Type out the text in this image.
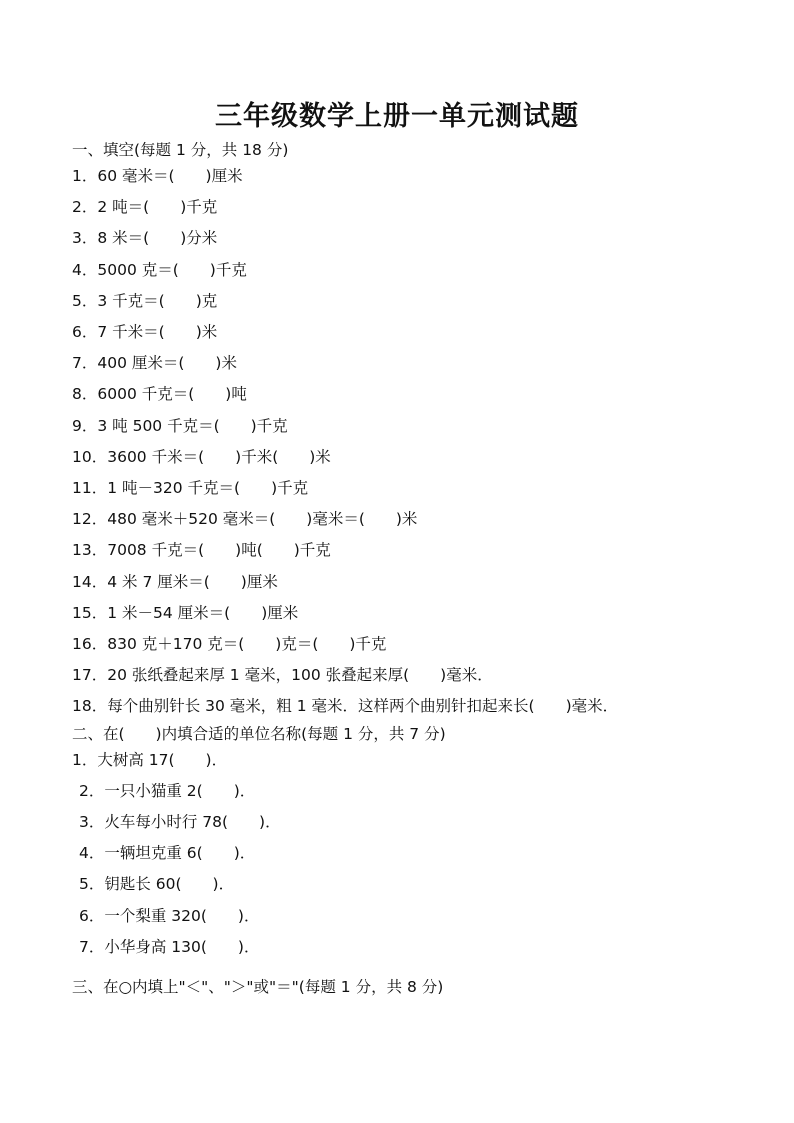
三年级数学上册一单元测试题
一、填空(每题 1 分，共 18 分)
1．60 毫米＝(　　)厘米
2．2 吨＝(　　)千克
3．8 米＝(　　)分米
4．5000 克＝(　　)千克
5．3 千克＝(　　)克
6．7 千米＝(　　)米
7．400 厘米＝(　　)米
8．6000 千克＝(　　)吨
9．3 吨 500 千克＝(　　)千克
10．3600 千米＝(　　)千米(　　)米
11．1 吨－320 千克＝(　　)千克
12．480 毫米＋520 毫米＝(　　)毫米＝(　　)米
13．7008 千克＝(　　)吨(　　)千克
14．4 米 7 厘米＝(　　)厘米
15．1 米－54 厘米＝(　　)厘米
16．830 克＋170 克＝(　　)克＝(　　)千克
17．20 张纸叠起来厚 1 毫米，100 张叠起来厚(　　)毫米．
18．每个曲别针长 30 毫米，粗 1 毫米．这样两个曲别针扣起来长(　　)毫米．
二、在(　　)内填合适的单位名称(每题 1 分，共 7 分)
1．大树高 17(　　)．
2．一只小猫重 2(　　)．
3．火车每小时行 78(　　)．
4．一辆坦克重 6(　　)．
5．钥匙长 60(　　)．
6．一个梨重 320(　　)．
7．小华身高 130(　　)．
三、在○内填上"＜"、"＞"或"＝"(每题 1 分，共 8 分)
